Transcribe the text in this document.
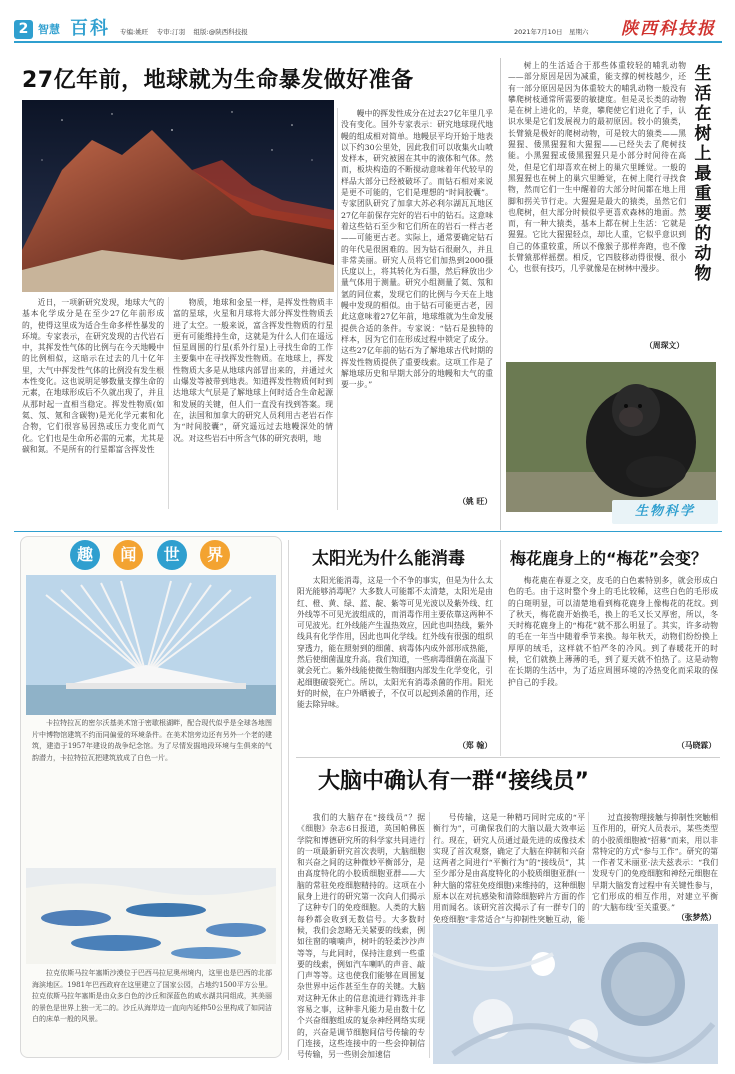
2 智慧 百科 专编:姚旺　 专审:汀羽　 组版:@陕西科技报	2021年7月10日　星期六 陕西科技报
27亿年前，地球就为生命暴发做好准备

近日，一项新研究发现，地球大气的基本化学成分是在至少27亿年前形成的，使得这里成为适合生命多样性暴发的环境。专家表示，在研究发现的古代岩石中，其挥发性气体的比例与在今天地幔中的比例相似，这暗示在过去的几十亿年里，大气中挥发性气体的比例没有发生根本性变化。这也说明足够数量支撑生命的元素，在地球形成后不久就出现了，并且从那时起一直相当稳定。挥发性物质(如氦、氖、氪和含碳物)是光化学元素和化合物，它们很容易因热或压力变化而气化。它们也是生命所必需的元素，尤其是碳和氮。不是所有的行星都富含挥发性

物质，地球和金星一样，是挥发性物质丰富的星球，火星和月球将大部分挥发性物质丢进了太空。一般来说，富含挥发性物质的行星更有可能维持生命，这就是为什么人们在遥远恒星周围的行星(系外行星)上寻找生命的工作主要集中在寻找挥发性物质。在地球上，挥发性物质大多是从地球内部冒出来的，并通过火山爆发等被带到地表。知道挥发性物质何时到达地球大气层是了解地球上何时适合生命起源和发展的关键，但人们一直没有找到答案。现在，法国和加拿大的研究人员利用古老岩石作为“时间胶囊”，研究遥远过去地幔深处的情况。对这些岩石中所含气体的研究表明，地

幔中的挥发性成分在过去27亿年里几乎没有变化。国外专家表示：研究地球现代地幔的组成相对简单。地幔层平均开始于地表以下约30公里处，因此我们可以收集火山喷发样本，研究被困在其中的液体和气体。然而，板块构造的不断搅动意味着年代较早的样品大部分已经被破坏了。而钻石相对来说是更不可能的，它们是理想的“时间胶囊”。专家团队研究了加拿大苏必利尔湖瓦瓦地区27亿年前保存完好的岩石中的钻石。这意味着这些钻石至少和它们所在的岩石一样古老——可能更古老。实际上，通常要确定钻石的年代是很困难的。因为钻石很耐久，并且非常美丽。研究人员将它们加热到2000摄氏度以上，将其转化为石墨，然后释放出少量气体用于测量。研究小组测量了氦、氖和氩的同位素，发现它们的比例与今天在上地幔中发现的相似。由于钻石可能更古老，因此这意味着27亿年前，地球维就为生命发展提供合适的条件。专家说：“钻石是独特的样本，因为它们在形成过程中锁定了成分。这些27亿年前的钻石为了解地球古代时期的挥发性物质提供了重要线索。这项工作是了解地球历史和早期大部分的地幔和大气的重要一步。”

（姚 旺）

树上的生活适合于那些体重较轻的哺乳动物——部分原因是因为减重，能支撑的树枝越少，还有一部分原因是因为体重较大的哺乳动物一般没有攀爬树枝通常所需要的敏捷度。但是灵长类的动物是在树上进化的，毕竟，攀爬使它们进化了手，认识水果是它们发展视力的最初原因。较小的猿类，长臂猿是极好的爬树动物，可是较大的猿类——黑猩猩、倭黑猩猩和大猩猩——已经失去了爬树技能。小黑猩猩或倭黑猩猩只是小部分时间待在高处，但是它们却喜欢在树上的巢穴里睡觉。一般的黑猩猩也在树上的巢穴里睡觉，在树上爬行寻找食物，然而它们一生中醒着的大部分时间都在地上用脚和拐关节行走。大猩猩是最大的猿类，虽然它们也爬树，但大部分时候似乎更喜欢森林的地面。然而，有一种大猿类，基本上都在树上生活：它就是猩猩。它比大猩猩轻点，却比人重，它似乎意识到自己的体重较重，所以不像猴子那样奔跑，也不像长臂猿那样摇摆。相反，它四肢移动得很慢、很小心，也很有技巧，几乎就像是在树林中漫步。

（周琛文）
生活在树上最重要的动物
生物科学
趣	闻	世	界
卡拉特拉瓦的密尔沃基美术馆于密歇根湖畔，配合现代似乎是全球各地图片中博物馆建筑不约而同偏爱的环境条件。在美术馆旁边还有另外一个老的建筑，建造于1957年建设的战争纪念馆。为了尽情发掘地段环境与生俱来的气韵潜力，卡拉特拉瓦把建筑放成了白色一片。
拉克依斯马拉年塞斯沙漠位于巴西马拉尼奥州境内，这里也是巴西的北部海滨地区。1981年巴西政府在这里建立了国家公园，占地约1500平方公里。拉克依斯马拉年塞斯是由众多白色的沙丘和深蓝色的咸水湖共同组成，其美丽的景色是世界上独一无二的。沙丘从海岸边一直向内延伸50公里构成了如同洁白的床单一般的风景。
太阳光为什么能消毒

太阳光能消毒，这是一个不争的事实，但是为什么太阳光能够消毒呢？大多数人可能都不太清楚，太阳光是由红、橙、黄、绿、蓝、靛、紫等可见光波以及紫外线、红外线等不可见光波组成的，而消毒作用主要依靠这两种不可见波光。红外线能产生温热效应，因此也叫热线，紫外线具有化学作用，因此也叫化学线。红外线有很强的组织穿透力，能在照射到的细菌、病毒体内成外部形成热能，然后使细菌温度升高。我们知道，一些病毒细菌在高温下就会死亡。紫外线能使微生物细胞内部发生化学变化，引起细胞破裂死亡。所以，太阳光有消毒杀菌的作用。阳光好的时候，在户外晒被子，不仅可以起到杀菌的作用，还能去除异味。

（郑 翰）
梅花鹿身上的“梅花”会变？

梅花鹿在春夏之交，皮毛的白色素特别多，就会形成白色的毛。由于这时整个身上的毛比较稀，这些白色的毛形成的白斑明显，可以清楚地看到梅花鹿身上像梅花的花纹。到了秋天，梅花鹿开始换毛，换上的毛又长又厚密，所以，冬天时梅花鹿身上的“梅花”就不那么明显了。其实，许多动物的毛在一年当中随着季节来换。每年秋天，动物们纷纷换上厚厚的绒毛，这样就不怕严冬的冷风。到了春暖花开的时候，它们就换上薄薄的毛，到了夏天就不怕热了。这是动物在长期的生活中，为了适应周围环境的冷热变化而采取的保护自己的手段。

（马晓霖）
大脑中确认有一群“接线员”

我们的大脑存在“接线员”？据《细胞》杂志6日报道，英国帕佛医学院和博德研究所的科学家共同进行的一项最新研究首次表明，大脑细胞和兴奋之间的这种微妙平衡部分，是由高度特化的小胶质细胞亚群——大脑的常驻免疫细胞精持的。这项在小鼠身上进行的研究第一次向人们揭示了这种专门的免疫细胞。人类的大脑每秒都会收到无数信号。大多数时候，我们会忽略无关紧要的线索，例如往窗的嘀嘀声，树叶的轻柔沙沙声等等，与此同时，保持注意到一些重要的线索，例如汽车喇叭的声音、敲门声等等。这也使我们能够在周围复杂世界中运作甚至生存的关键。大脑对这种无休止的信息流进行筛选并非容易之事，这种非凡能力是由数十亿个兴奋细胞组成的复杂神经网络实现的，兴奋是调节细胞间信号传输的专门连接，这些连接中的一些会抑制信号传输，另一些则会加速信

号传输，这是一种精巧同时完成的“平衡行为”，可确保我们的大脑以最大效率运行。现在，研究人员通过最先进的成像技术实现了首次观察，确定了大脑在抑制和兴奋这两者之间进行“平衡行为”的“接线员”，其至少部分是由高度特化的小胶质细胞亚群(一种大脑的常驻免疫细胞)来维持的，这种细胞原本以在对抗感染和清除细胞碎片方面的作用而闻名。该研究首次揭示了有一群专门的免疫细胞“非常适合”与抑制性突触互动，能

过直接物理接触与抑制性突触相互作用的，研究人员表示，某些类型的小胶质细胞被“招募”而来，用以非常特定的方式“参与工作”。研究的第一作者艾米丽亚·法夫兹表示：“我们发现专门的免疫细胞和神经元细胞在早期大脑发育过程中有关键性参与，它们形成的相互作用，对建立平衡的‘大脑布线’至关重要。”

（张梦然）
